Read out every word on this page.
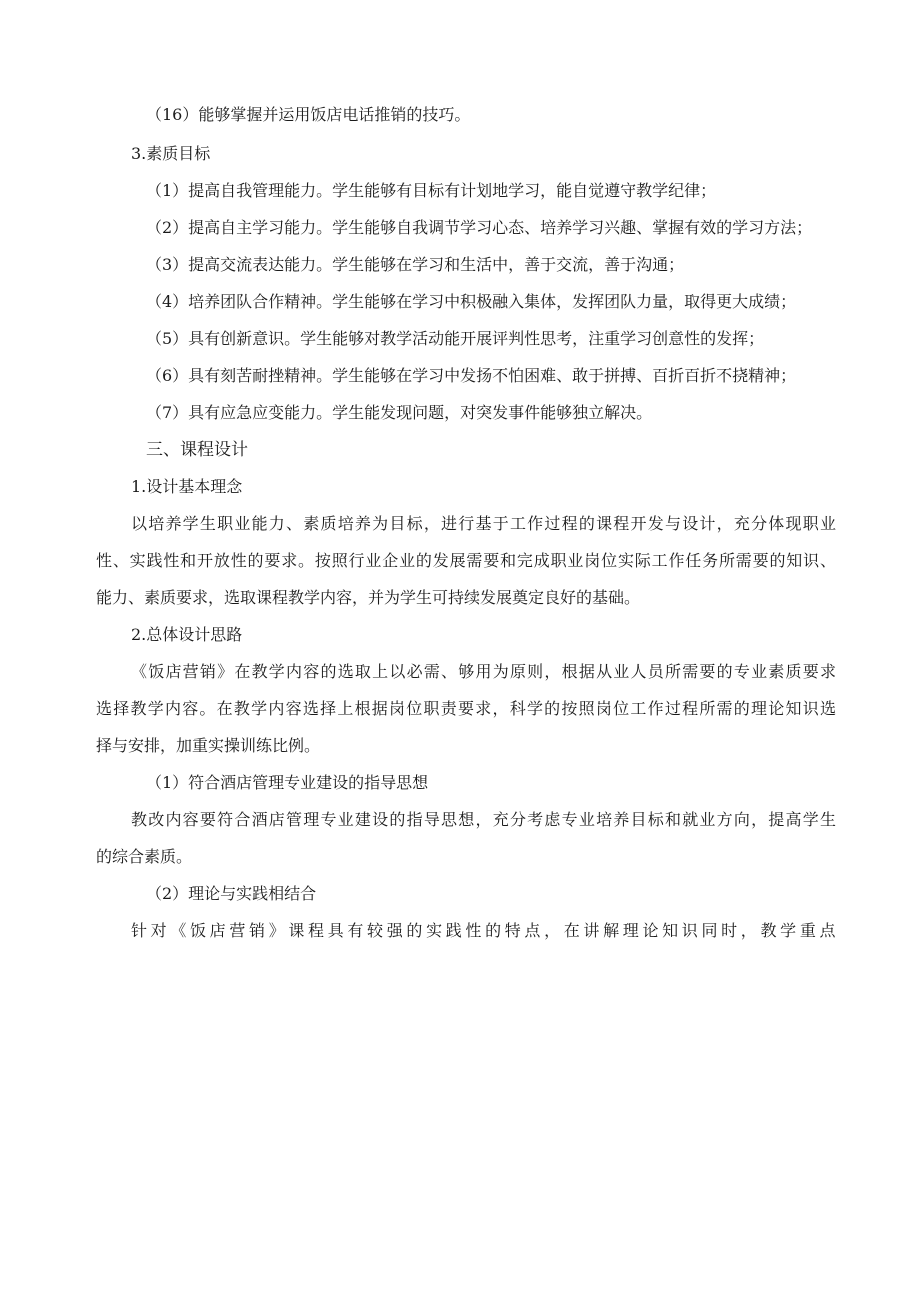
（16）能够掌握并运用饭店电话推销的技巧。

3.素质目标

（1）提高自我管理能力。学生能够有目标有计划地学习，能自觉遵守教学纪律；

（2）提高自主学习能力。学生能够自我调节学习心态、培养学习兴趣、掌握有效的学习方法；

（3）提高交流表达能力。学生能够在学习和生活中，善于交流，善于沟通；

（4）培养团队合作精神。学生能够在学习中积极融入集体，发挥团队力量，取得更大成绩；

（5）具有创新意识。学生能够对教学活动能开展评判性思考，注重学习创意性的发挥；

（6）具有刻苦耐挫精神。学生能够在学习中发扬不怕困难、敢于拼搏、百折百折不挠精神；

（7）具有应急应变能力。学生能发现问题，对突发事件能够独立解决。

三、课程设计

1.设计基本理念

以培养学生职业能力、素质培养为目标，进行基于工作过程的课程开发与设计，充分体现职业

性、实践性和开放性的要求。按照行业企业的发展需要和完成职业岗位实际工作任务所需要的知识、

能力、素质要求，选取课程教学内容，并为学生可持续发展奠定良好的基础。

2.总体设计思路

《饭店营销》在教学内容的选取上以必需、够用为原则，根据从业人员所需要的专业素质要求

选择教学内容。在教学内容选择上根据岗位职责要求，科学的按照岗位工作过程所需的理论知识选

择与安排，加重实操训练比例。

（1）符合酒店管理专业建设的指导思想

教改内容要符合酒店管理专业建设的指导思想，充分考虑专业培养目标和就业方向，提高学生

的综合素质。

（2）理论与实践相结合

针对《饭店营销》课程具有较强的实践性的特点，在讲解理论知识同时，教学重点
